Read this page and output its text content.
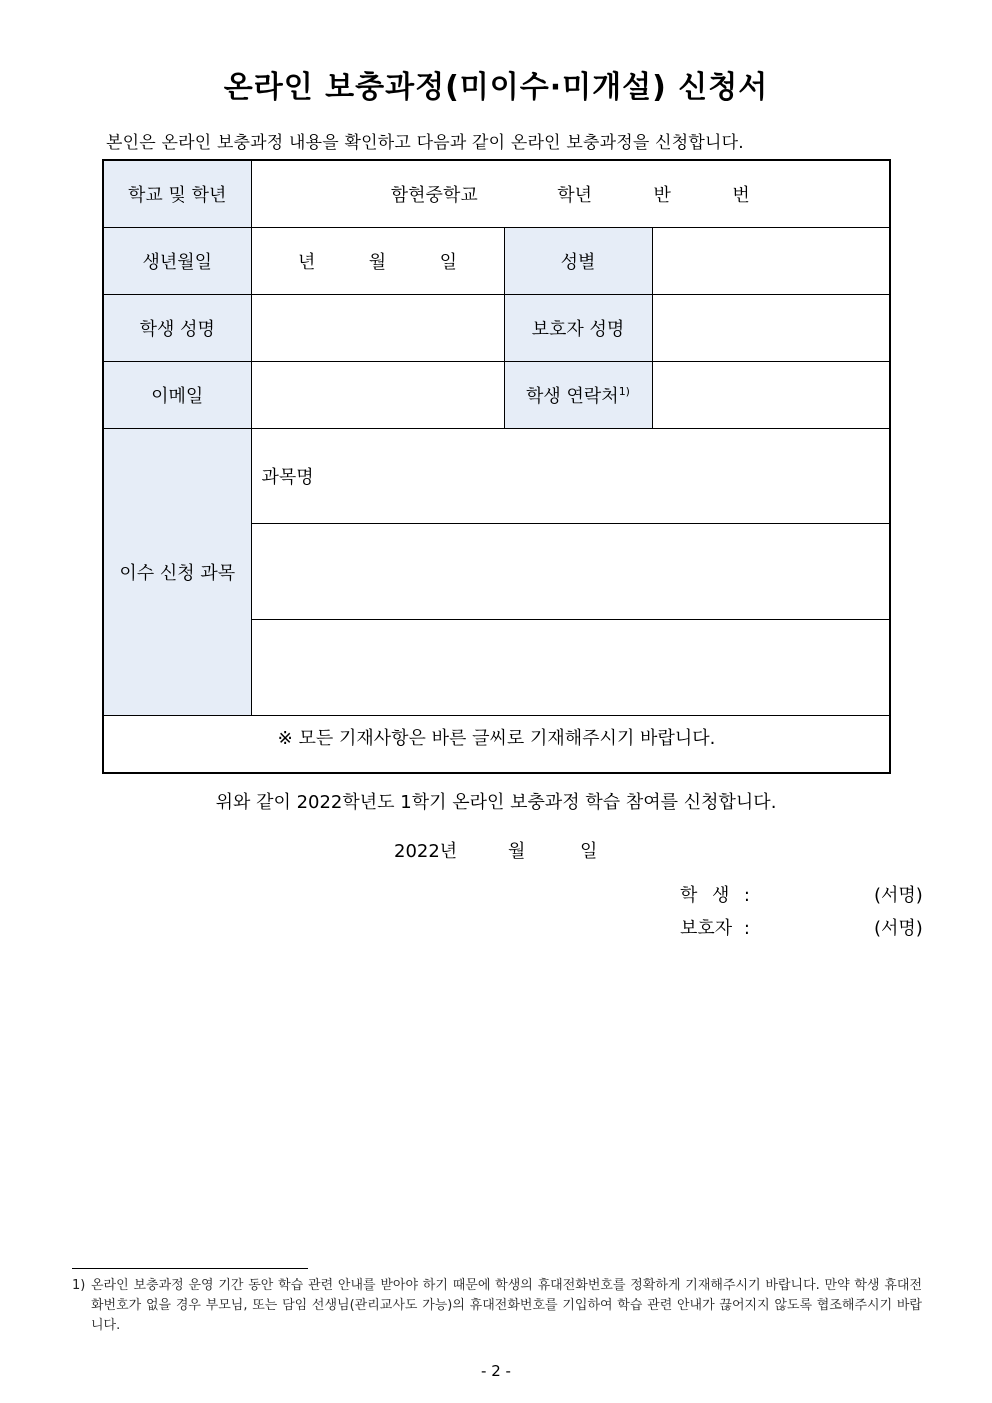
온라인 보충과정(미이수·미개설) 신청서
본인은 온라인 보충과정 내용을 확인하고 다음과 같이 온라인 보충과정을 신청합니다.
학교 및 학년	함현중학교 학년 반 번		
생년월일	년 월 일	성별	
학생 성명		보호자 성명	
이메일		학생 연락처$^{1)}$	
이수 신청 과목	과목명		

※ 모든 기재사항은 바른 글씨로 기재해주시기 바랍니다.			
위와 같이 2022학년도 1학기 온라인 보충과정 학습 참여를 신청합니다.
2022년	월	일
학 생 :	(서명)
보호자 :	(서명)
1) 온라인 보충과정 운영 기간 동안 학습 관련 안내를 받아야 하기 때문에 학생의 휴대전화번호를 정확하게 기재해주시기 바랍니다. 만약 학생 휴대전화번호가 없을 경우 부모님, 또는 담임 선생님(관리교사도 가능)의 휴대전화번호를 기입하여 학습 관련 안내가 끊어지지 않도록 협조해주시기 바랍니다.
- 2 -
